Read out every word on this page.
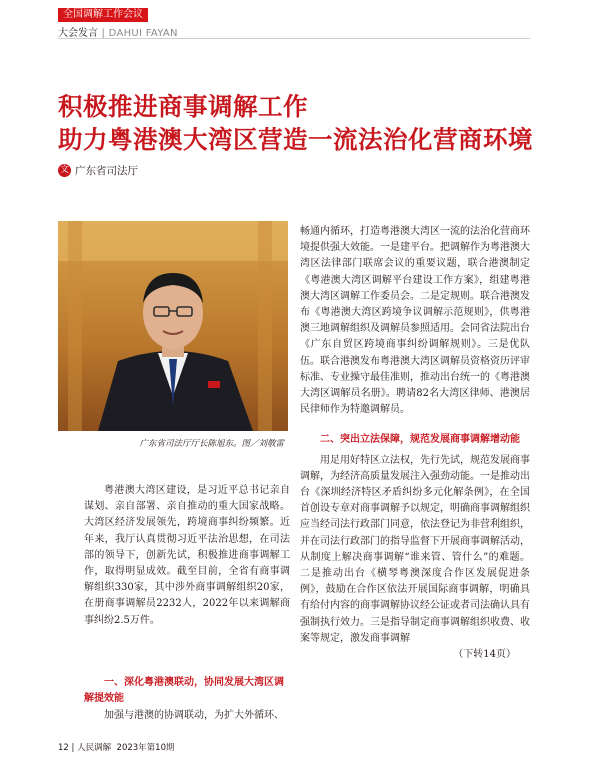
全国调解工作会议
大会发言 | DAHUI FAYAN
积极推进商事调解工作
助力粤港澳大湾区营造一流法治化营商环境
文 广东省司法厅
广东省司法厅厅长陈旭东。图／刘敬雷

粤港澳大湾区建设，是习近平总书记亲自谋划、亲自部署、亲自推动的重大国家战略。大湾区经济发展领先，跨境商事纠纷频繁。近年来，我厅认真贯彻习近平法治思想，在司法部的领导下，创新先试，积极推进商事调解工作，取得明显成效。截至目前，全省有商事调解组织330家，其中涉外商事调解组织20家，在册商事调解员2232人，2022年以来调解商事纠纷2.5万件。

一、深化粤港澳联动，协同发展大湾区调解提效能

加强与港澳的协调联动，为扩大外循环、

畅通内循环，打造粤港澳大湾区一流的法治化营商环境提供强大效能。一是建平台。把调解作为粤港澳大湾区法律部门联席会议的重要议题，联合港澳制定《粤港澳大湾区调解平台建设工作方案》，组建粤港澳大湾区调解工作委员会。二是定规则。联合港澳发布《粤港澳大湾区跨境争议调解示范规则》，供粤港澳三地调解组织及调解员参照适用。会同省法院出台《广东自贸区跨境商事纠纷调解规则》。三是优队伍。联合港澳发布粤港澳大湾区调解员资格资历评审标准、专业操守最佳准则，推动出台统一的《粤港澳大湾区调解员名册》。聘请82名大湾区律师、港澳居民律师作为特邀调解员。

二、突出立法保障，规范发展商事调解增动能

用足用好特区立法权，先行先试，规范发展商事调解，为经济高质量发展注入强劲动能。一是推动出台《深圳经济特区矛盾纠纷多元化解条例》，在全国首创设专章对商事调解予以规定，明确商事调解组织应当经司法行政部门同意，依法登记为非营利组织，并在司法行政部门的指导监督下开展商事调解活动，从制度上解决商事调解“谁来管、管什么”的难题。二是推动出台《横琴粤澳深度合作区发展促进条例》，鼓励在合作区依法开展国际商事调解，明确具有给付内容的商事调解协议经公证或者司法确认具有强制执行效力。三是指导制定商事调解组织收费、收案等规定，激发商事调解

（下转14页）

12 | 人民调解 2023年第10期
